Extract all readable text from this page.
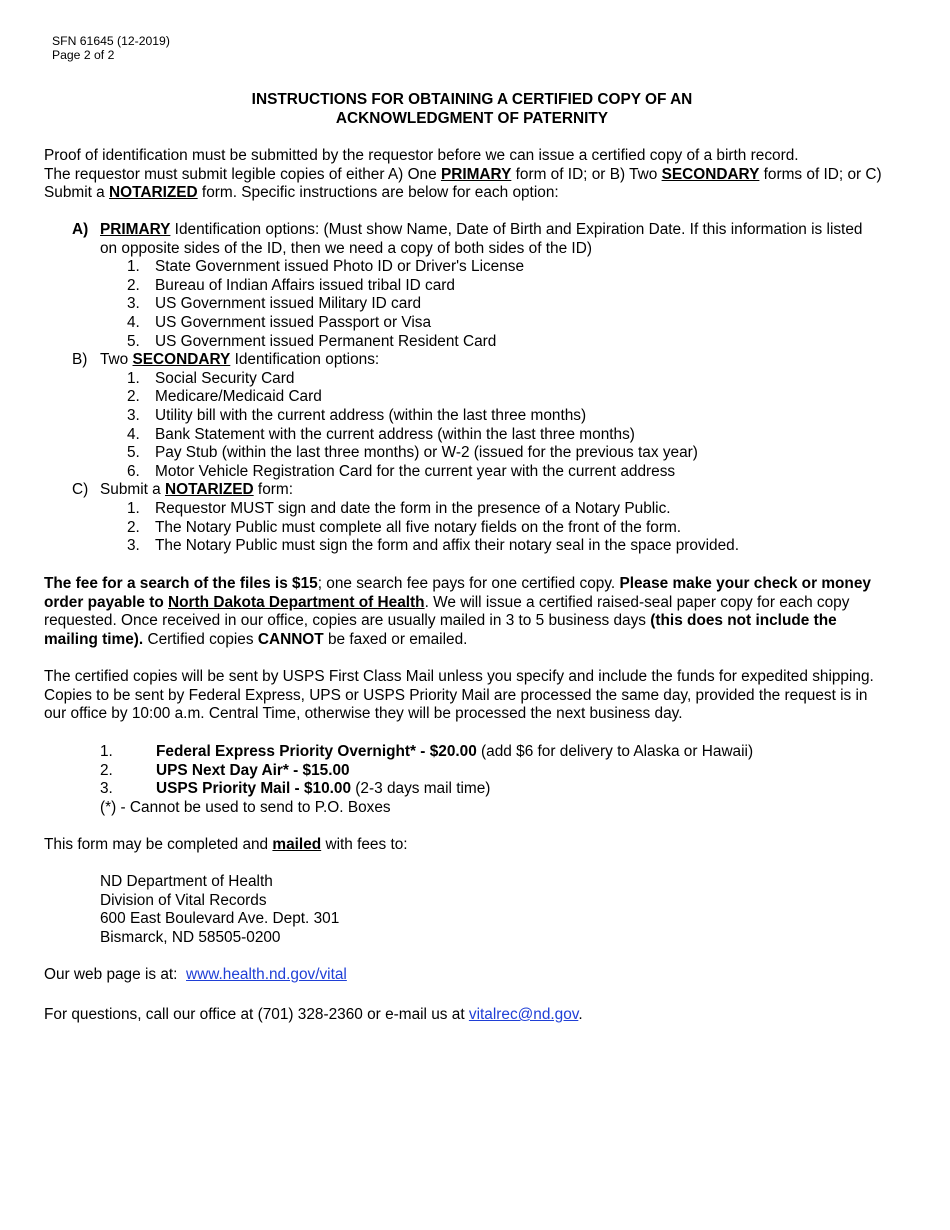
SFN 61645 (12-2019)
Page 2 of 2
INSTRUCTIONS FOR OBTAINING A CERTIFIED COPY OF AN
ACKNOWLEDGMENT OF PATERNITY

Proof of identification must be submitted by the requestor before we can issue a certified copy of a birth record.

The requestor must submit legible copies of either A) One PRIMARY form of ID; or B) Two SECONDARY forms of ID; or C) Submit a NOTARIZED form. Specific instructions are below for each option:

A) PRIMARY Identification options: (Must show Name, Date of Birth and Expiration Date. If this information is listed on opposite sides of the ID, then we need a copy of both sides of the ID)
1. State Government issued Photo ID or Driver's License
2. Bureau of Indian Affairs issued tribal ID card
3. US Government issued Military ID card
4. US Government issued Passport or Visa
5. US Government issued Permanent Resident Card
B) Two SECONDARY Identification options:
1. Social Security Card
2. Medicare/Medicaid Card
3. Utility bill with the current address (within the last three months)
4. Bank Statement with the current address (within the last three months)
5. Pay Stub (within the last three months) or W-2 (issued for the previous tax year)
6. Motor Vehicle Registration Card for the current year with the current address
C) Submit a NOTARIZED form:
1. Requestor MUST sign and date the form in the presence of a Notary Public.
2. The Notary Public must complete all five notary fields on the front of the form.
3. The Notary Public must sign the form and affix their notary seal in the space provided.

The fee for a search of the files is $15; one search fee pays for one certified copy. Please make your check or money order payable to North Dakota Department of Health. We will issue a certified raised-seal paper copy for each copy requested. Once received in our office, copies are usually mailed in 3 to 5 business days (this does not include the mailing time). Certified copies CANNOT be faxed or emailed.

The certified copies will be sent by USPS First Class Mail unless you specify and include the funds for expedited shipping. Copies to be sent by Federal Express, UPS or USPS Priority Mail are processed the same day, provided the request is in our office by 10:00 a.m. Central Time, otherwise they will be processed the next business day.

1.	Federal Express Priority Overnight* - $20.00 (add $6 for delivery to Alaska or Hawaii)
2.	UPS Next Day Air* - $15.00
3.	USPS Priority Mail - $10.00 (2-3 days mail time)
(*) - Cannot be used to send to P.O. Boxes

This form may be completed and mailed with fees to:

ND Department of Health
Division of Vital Records
600 East Boulevard Ave. Dept. 301
Bismarck, ND 58505-0200
Our web page is at:  www.health.nd.gov/vital
For questions, call our office at (701) 328-2360 or e-mail us at vitalrec@nd.gov.
